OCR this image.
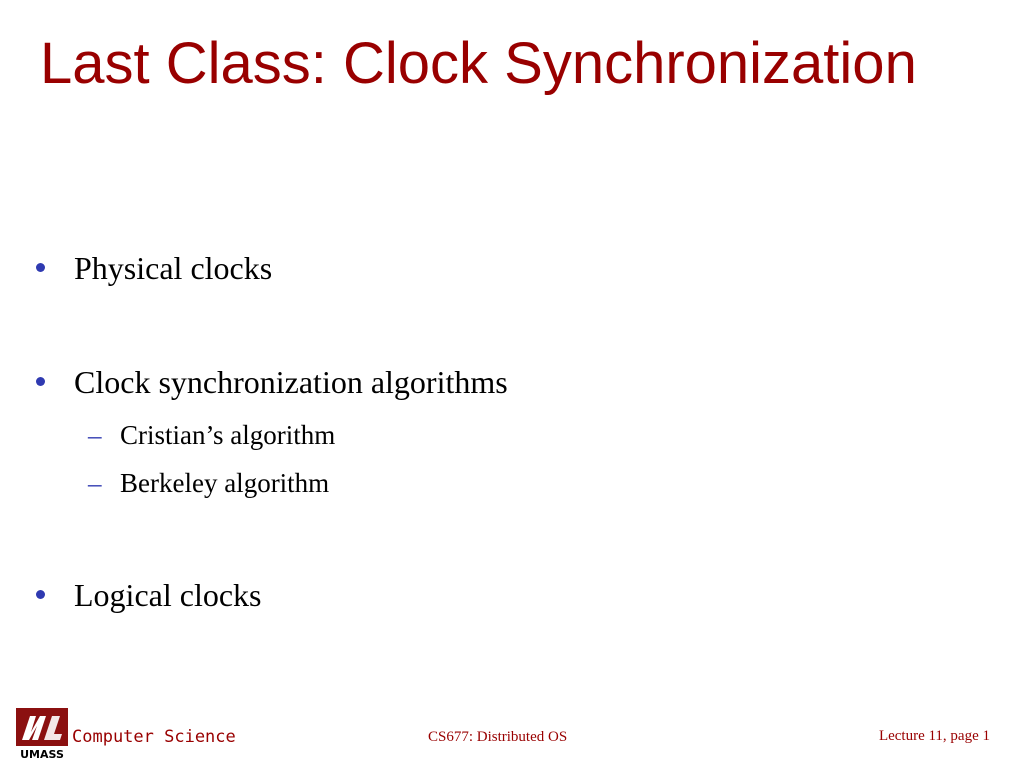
Last Class: Clock Synchronization
Physical clocks
Clock synchronization algorithms
– Cristian’s algorithm
– Berkeley algorithm
Logical clocks
UMASS
Computer Science	CS677: Distributed OS	Lecture 11, page 1
